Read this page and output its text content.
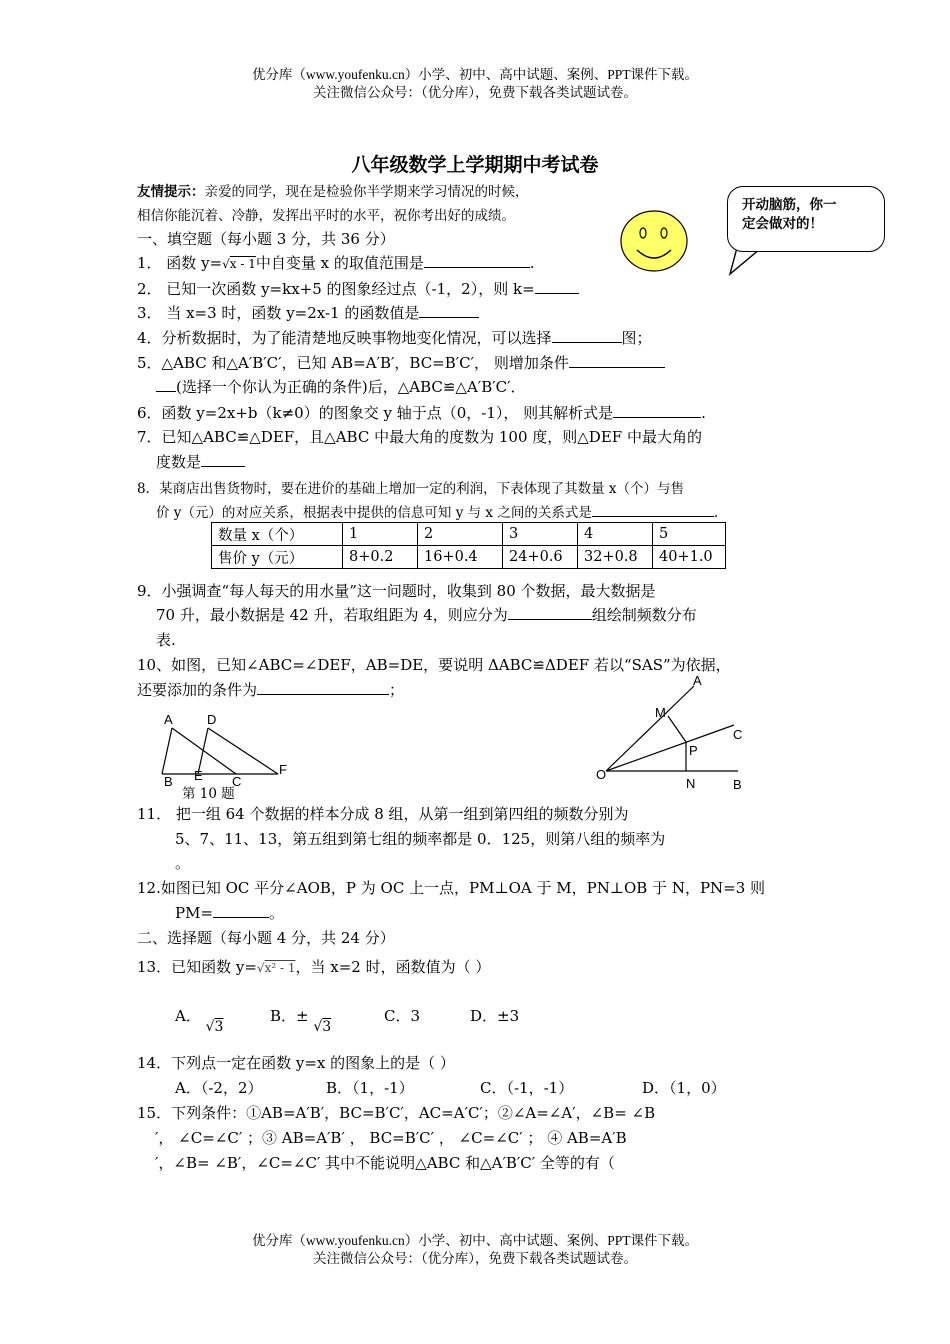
优分库（www.youfenku.cn）小学、初中、高中试题、案例、PPT课件下载。
关注微信公众号：（优分库），免费下载各类试题试卷。
八年级数学上学期期中考试卷
友情提示：亲爱的同学，现在是检验你半学期来学习情况的时候，
相信你能沉着、冷静，发挥出平时的水平，祝你考出好的成绩。
开动脑筋，你一
定会做对的！
一、填空题（每小题 3 分，共 36 分）
1． 函数 y=√x - 1中自变量 x 的取值范围是	.
2． 已知一次函数 y=kx+5 的图象经过点（-1，2），则 k=
3． 当 x=3 时，函数 y=2x-1 的函数值是
4．分析数据时，为了能清楚地反映事物地变化情况，可以选择	图；
5．△ABC 和△A′B′C′，已知 AB=A′B′，BC=B′C′， 则增加条件
(选择一个你认为正确的条件)后，△ABC≌△A′B′C′．
6．函数 y=2x+b（k≠0）的图象交 y 轴于点（0，-1）， 则其解析式是	.
7．已知△ABC≌△DEF，且△ABC 中最大角的度数为 100 度，则△DEF 中最大角的
度数是
8．某商店出售货物时，要在进价的基础上增加一定的利润，下表体现了其数量 x（个）与售
价 y（元）的对应关系，根据表中提供的信息可知 y 与 x 之间的关系式是	.
数量 x（个）	1	2	3	4	5
售价 y（元）	8+0.2	16+0.4	24+0.6	32+0.8	40+1.0
9．小强调查“每人每天的用水量”这一问题时，收集到 80 个数据，最大数据是
70 升，最小数据是 42 升，若取组距为 4，则应分为	组绘制频数分布
表.
10、如图，已知∠ABC=∠DEF，AB=DE，要说明 ΔABC≌ΔDEF 若以“SAS”为依据，
还要添加的条件为	；
A	D
B E C
F
第 10 题
A
M
C
P
O
N	B
11． 把一组 64 个数据的样本分成 8 组，从第一组到第四组的频数分别为
5、7、11、13，第五组到第七组的频率都是 0．125，则第八组的频率为
。
12.如图已知 OC 平分∠AOB，P 为 OC 上一点，PM⊥OA 于 M，PN⊥OB 于 N，PN=3 则
PM=	。
二、选择题（每小题 4 分，共 24 分）
13．已知函数 y=√x² - 1，当 x=2 时，函数值为（ ）
A． √3
B．± √3
C．3	D．±3
14．下列点一定在函数 y=x 的图象上的是（ ）
A．（-2，2）	B．（1，-1）	C．（-1，-1）	D．（1，0）
15．下列条件：①AB=A′B′，BC=B′C′，AC=A′C′；②∠A=∠A′，∠B= ∠B
′， ∠C=∠C′ ；③ AB=A′B′ ， BC=B′C′ ， ∠C=∠C′ ； ④ AB=A′B
′，∠B= ∠B′，∠C=∠C′ 其中不能说明△ABC 和△A′B′C′ 全等的有（
优分库（www.youfenku.cn）小学、初中、高中试题、案例、PPT课件下载。
关注微信公众号：（优分库），免费下载各类试题试卷。
